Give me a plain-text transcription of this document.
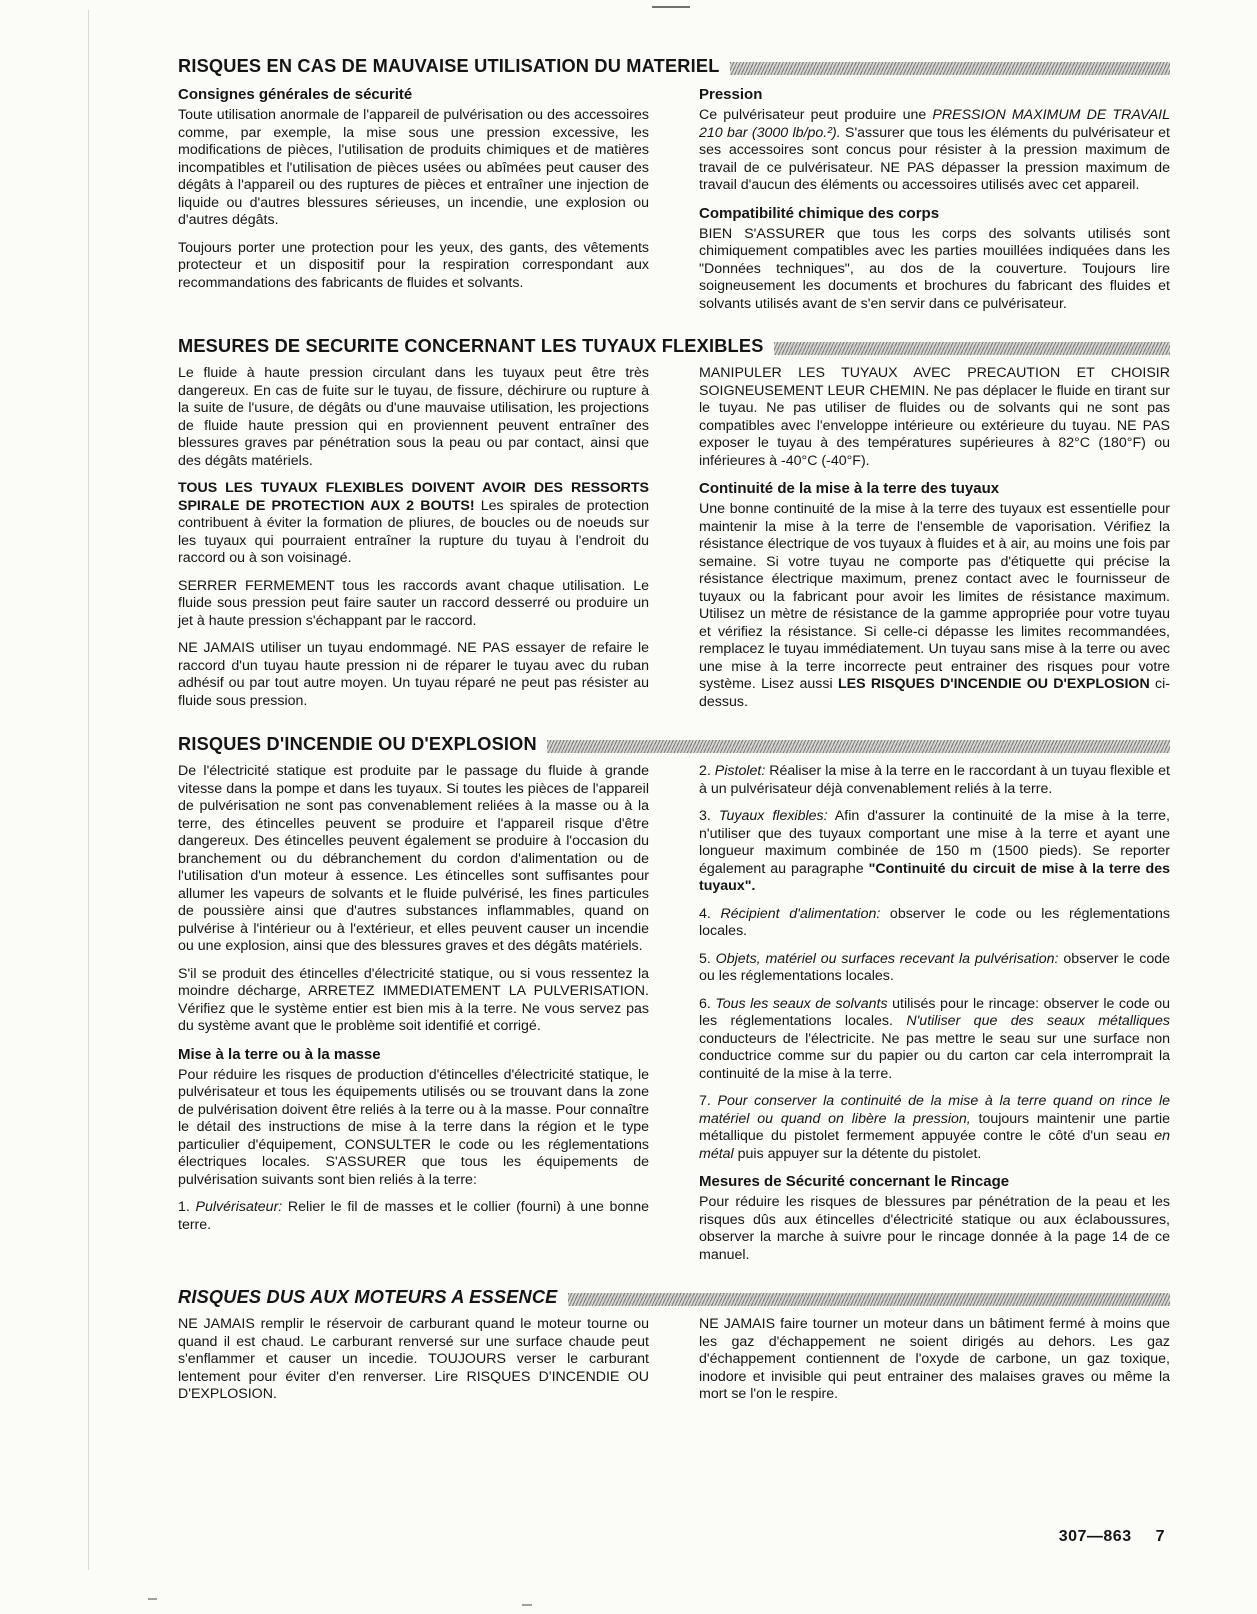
RISQUES EN CAS DE MAUVAISE UTILISATION DU MATERIEL
Consignes générales de sécurité

Toute utilisation anormale de l'appareil de pulvérisation ou des accessoires comme, par exemple, la mise sous une pression excessive, les modifications de pièces, l'utilisation de produits chimiques et de matières incompatibles et l'utilisation de pièces usées ou abîmées peut causer des dégâts à l'appareil ou des ruptures de pièces et entraîner une injection de liquide ou d'autres blessures sérieuses, un incendie, une explosion ou d'autres dégâts.

Toujours porter une protection pour les yeux, des gants, des vêtements protecteur et un dispositif pour la respiration correspondant aux recommandations des fabricants de fluides et solvants.

Pression

Ce pulvérisateur peut produire une PRESSION MAXIMUM DE TRAVAIL 210 bar (3000 lb/po.²). S'assurer que tous les éléments du pulvérisateur et ses accessoires sont concus pour résister à la pression maximum de travail de ce pulvérisateur. NE PAS dépasser la pression maximum de travail d'aucun des éléments ou accessoires utilisés avec cet appareil.

Compatibilité chimique des corps

BIEN S'ASSURER que tous les corps des solvants utilisés sont chimiquement compatibles avec les parties mouillées indiquées dans les "Données techniques", au dos de la couverture. Toujours lire soigneusement les documents et brochures du fabricant des fluides et solvants utilisés avant de s'en servir dans ce pulvérisateur.

MESURES DE SECURITE CONCERNANT LES TUYAUX FLEXIBLES

Le fluide à haute pression circulant dans les tuyaux peut être très dangereux. En cas de fuite sur le tuyau, de fissure, déchirure ou rupture à la suite de l'usure, de dégâts ou d'une mauvaise utilisation, les projections de fluide haute pression qui en proviennent peuvent entraîner des blessures graves par pénétration sous la peau ou par contact, ainsi que des dégâts matériels.

TOUS LES TUYAUX FLEXIBLES DOIVENT AVOIR DES RESSORTS SPIRALE DE PROTECTION AUX 2 BOUTS! Les spirales de protection contribuent à éviter la formation de pliures, de boucles ou de noeuds sur les tuyaux qui pourraient entraîner la rupture du tuyau à l'endroit du raccord ou à son voisinagé.

SERRER FERMEMENT tous les raccords avant chaque utilisation. Le fluide sous pression peut faire sauter un raccord desserré ou produire un jet à haute pression s'échappant par le raccord.

NE JAMAIS utiliser un tuyau endommagé. NE PAS essayer de refaire le raccord d'un tuyau haute pression ni de réparer le tuyau avec du ruban adhésif ou par tout autre moyen. Un tuyau réparé ne peut pas résister au fluide sous pression.

MANIPULER LES TUYAUX AVEC PRECAUTION ET CHOISIR SOIGNEUSEMENT LEUR CHEMIN. Ne pas déplacer le fluide en tirant sur le tuyau. Ne pas utiliser de fluides ou de solvants qui ne sont pas compatibles avec l'enveloppe intérieure ou extérieure du tuyau. NE PAS exposer le tuyau à des températures supérieures à 82°C (180°F) ou inférieures à -40°C (-40°F).

Continuité de la mise à la terre des tuyaux

Une bonne continuité de la mise à la terre des tuyaux est essentielle pour maintenir la mise à la terre de l'ensemble de vaporisation. Vérifiez la résistance électrique de vos tuyaux à fluides et à air, au moins une fois par semaine. Si votre tuyau ne comporte pas d'étiquette qui précise la résistance électrique maximum, prenez contact avec le fournisseur de tuyaux ou la fabricant pour avoir les limites de résistance maximum. Utilisez un mètre de résistance de la gamme appropriée pour votre tuyau et vérifiez la résistance. Si celle-ci dépasse les limites recommandées, remplacez le tuyau immédiatement. Un tuyau sans mise à la terre ou avec une mise à la terre incorrecte peut entrainer des risques pour votre système. Lisez aussi LES RISQUES D'INCENDIE OU D'EXPLOSION ci-dessus.

RISQUES D'INCENDIE OU D'EXPLOSION

De l'électricité statique est produite par le passage du fluide à grande vitesse dans la pompe et dans les tuyaux. Si toutes les pièces de l'appareil de pulvérisation ne sont pas convenablement reliées à la masse ou à la terre, des étincelles peuvent se produire et l'appareil risque d'être dangereux. Des étincelles peuvent également se produire à l'occasion du branchement ou du débranchement du cordon d'alimentation ou de l'utilisation d'un moteur à essence. Les étincelles sont suffisantes pour allumer les vapeurs de solvants et le fluide pulvérisé, les fines particules de poussière ainsi que d'autres substances inflammables, quand on pulvérise à l'intérieur ou à l'extérieur, et elles peuvent causer un incendie ou une explosion, ainsi que des blessures graves et des dégâts matériels.

S'il se produit des étincelles d'électricité statique, ou si vous ressentez la moindre décharge, ARRETEZ IMMEDIATEMENT LA PULVERISATION. Vérifiez que le système entier est bien mis à la terre. Ne vous servez pas du système avant que le problème soit identifié et corrigé.

Mise à la terre ou à la masse

Pour réduire les risques de production d'étincelles d'électricité statique, le pulvérisateur et tous les équipements utilisés ou se trouvant dans la zone de pulvérisation doivent être reliés à la terre ou à la masse. Pour connaître le détail des instructions de mise à la terre dans la région et le type particulier d'équipement, CONSULTER le code ou les réglementations électriques locales. S'ASSURER que tous les équipements de pulvérisation suivants sont bien reliés à la terre:

1. Pulvérisateur: Relier le fil de masses et le collier (fourni) à une bonne terre.

2. Pistolet: Réaliser la mise à la terre en le raccordant à un tuyau flexible et à un pulvérisateur déjà convenablement reliés à la terre.

3. Tuyaux flexibles: Afin d'assurer la continuité de la mise à la terre, n'utiliser que des tuyaux comportant une mise à la terre et ayant une longueur maximum combinée de 150 m (1500 pieds). Se reporter également au paragraphe "Continuité du circuit de mise à la terre des tuyaux".

4. Récipient d'alimentation: observer le code ou les réglementations locales.

5. Objets, matériel ou surfaces recevant la pulvérisation: observer le code ou les réglementations locales.

6. Tous les seaux de solvants utilisés pour le rincage: observer le code ou les réglementations locales. N'utiliser que des seaux métalliques conducteurs de l'électricite. Ne pas mettre le seau sur une surface non conductrice comme sur du papier ou du carton car cela interromprait la continuité de la mise à la terre.

7. Pour conserver la continuité de la mise à la terre quand on rince le matériel ou quand on libère la pression, toujours maintenir une partie métallique du pistolet fermement appuyée contre le côté d'un seau en métal puis appuyer sur la détente du pistolet.

Mesures de Sécurité concernant le Rincage

Pour réduire les risques de blessures par pénétration de la peau et les risques dûs aux étincelles d'électricité statique ou aux éclaboussures, observer la marche à suivre pour le rincage donnée à la page 14 de ce manuel.

RISQUES DUS AUX MOTEURS A ESSENCE

NE JAMAIS remplir le réservoir de carburant quand le moteur tourne ou quand il est chaud. Le carburant renversé sur une surface chaude peut s'enflammer et causer un incedie. TOUJOURS verser le carburant lentement pour éviter d'en renverser. Lire RISQUES D'INCENDIE OU D'EXPLOSION.

NE JAMAIS faire tourner un moteur dans un bâtiment fermé à moins que les gaz d'échappement ne soient dirigés au dehors. Les gaz d'échappement contiennent de l'oxyde de carbone, un gaz toxique, inodore et invisible qui peut entrainer des malaises graves ou même la mort se l'on le respire.

307—863 7
